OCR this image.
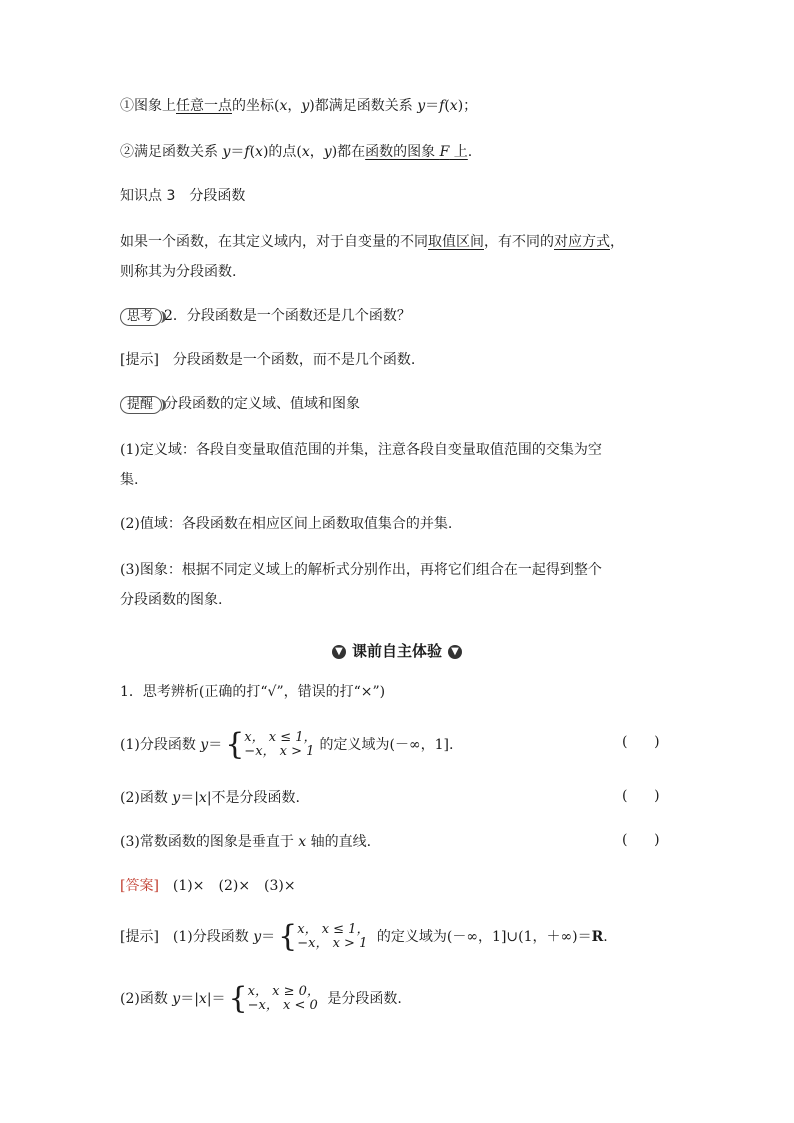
①图象上任意一点的坐标(x，y)都满足函数关系 y＝f(x)；
②满足函数关系 y＝f(x)的点(x，y)都在函数的图象 F 上.
知识点 3　分段函数
如果一个函数，在其定义域内，对于自变量的不同取值区间，有不同的对应方式，
则称其为分段函数.
思考 2．分段函数是一个函数还是几个函数？
[提示]　分段函数是一个函数，而不是几个函数.
提醒 分段函数的定义域、值域和图象
(1)定义域：各段自变量取值范围的并集，注意各段自变量取值范围的交集为空
集.
(2)值域：各段函数在相应区间上函数取值集合的并集.
(3)图象：根据不同定义域上的解析式分别作出，再将它们组合在一起得到整个
分段函数的图象.
▼ 课前自主体验 ▼
1．思考辨析(正确的打“√”，错误的打“×”)
(1)分段函数 y＝ {x， x ≤ 1，
−x， x > 1 的定义域为(－∞，1].	(      )
(2)函数 y＝|x|不是分段函数.	(      )
(3)常数函数的图象是垂直于 x 轴的直线.	(      )
[答案]　(1)×　(2)×　(3)×
[提示]　(1)分段函数 y＝ {x， x ≤ 1，
−x， x > 1 的定义域为(－∞，1]∪(1，＋∞)＝R.
(2)函数 y＝|x|＝ {x， x ≥ 0，
−x， x < 0 是分段函数.
